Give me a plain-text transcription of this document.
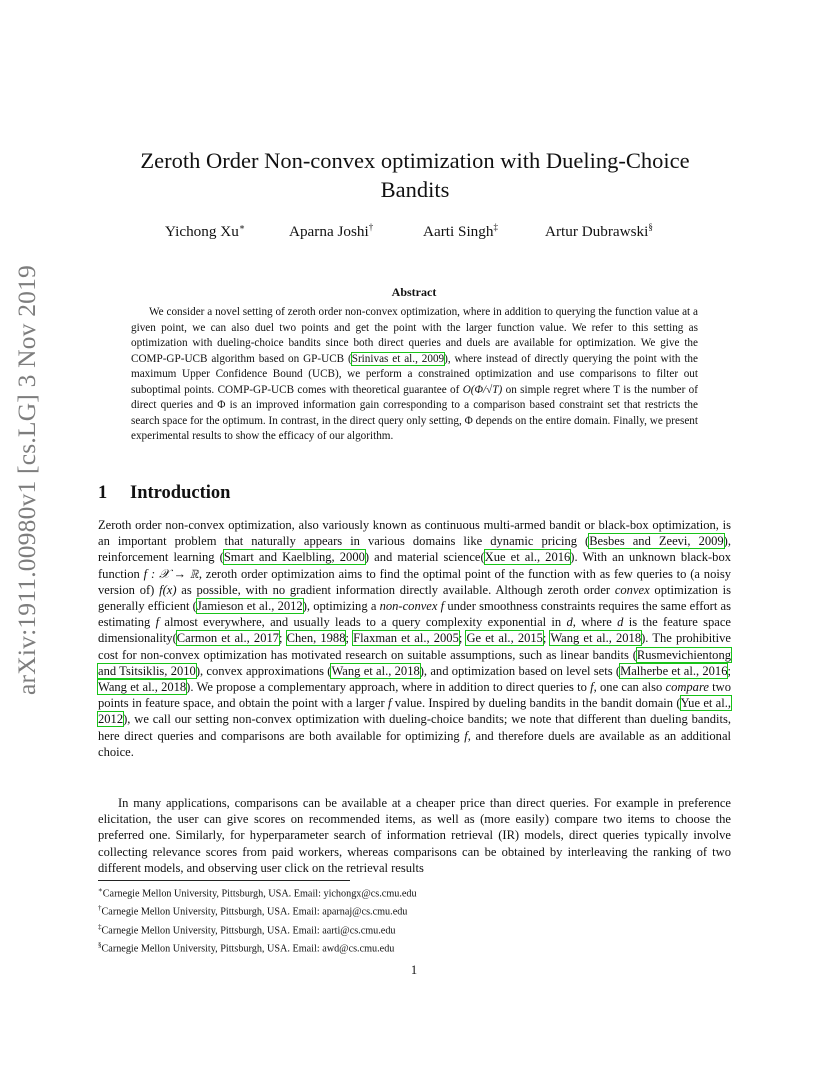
arXiv:1911.00980v1 [cs.LG] 3 Nov 2019
Zeroth Order Non-convex optimization with Dueling-Choice
Bandits
Yichong Xu∗	Aparna Joshi†	Aarti Singh‡	Artur Dubrawski§
Abstract

We consider a novel setting of zeroth order non-convex optimization, where in addition to querying the function value at a given point, we can also duel two points and get the point with the larger function value. We refer to this setting as optimization with dueling-choice bandits since both direct queries and duels are available for optimization. We give the COMP-GP-UCB algorithm based on GP-UCB (Srinivas et al., 2009), where instead of directly querying the point with the maximum Upper Confidence Bound (UCB), we perform a constrained optimization and use comparisons to filter out suboptimal points. COMP-GP-UCB comes with theoretical guarantee of O(Φ/√T) on simple regret where T is the number of direct queries and Φ is an improved information gain corresponding to a comparison based constraint set that restricts the search space for the optimum. In contrast, in the direct query only setting, Φ depends on the entire domain. Finally, we present experimental results to show the efficacy of our algorithm.

1 Introduction

Zeroth order non-convex optimization, also variously known as continuous multi-armed bandit or black-box optimization, is an important problem that naturally appears in various domains like dynamic pricing (Besbes and Zeevi, 2009), reinforcement learning (Smart and Kaelbling, 2000) and material science(Xue et al., 2016). With an unknown black-box function f : 𝒳 → ℝ, zeroth order optimization aims to find the optimal point of the function with as few queries to (a noisy version of) f(x) as possible, with no gradient information directly available. Although zeroth order convex optimization is generally efficient (Jamieson et al., 2012), optimizing a non-convex f under smoothness constraints requires the same effort as estimating f almost everywhere, and usually leads to a query complexity exponential in d, where d is the feature space dimensionality(Carmon et al., 2017; Chen, 1988; Flaxman et al., 2005; Ge et al., 2015; Wang et al., 2018). The prohibitive cost for non-convex optimization has motivated research on suitable assumptions, such as linear bandits (Rusmevichientong and Tsitsiklis, 2010), convex approximations (Wang et al., 2018), and optimization based on level sets (Malherbe et al., 2016; Wang et al., 2018). We propose a complementary approach, where in addition to direct queries to f, one can also compare two points in feature space, and obtain the point with a larger f value. Inspired by dueling bandits in the bandit domain (Yue et al., 2012), we call our setting non-convex optimization with dueling-choice bandits; we note that different than dueling bandits, here direct queries and comparisons are both available for optimizing f, and therefore duels are available as an additional choice.

In many applications, comparisons can be available at a cheaper price than direct queries. For example in preference elicitation, the user can give scores on recommended items, as well as (more easily) compare two items to choose the preferred one. Similarly, for hyperparameter search of information retrieval (IR) models, direct queries typically involve collecting relevance scores from paid workers, whereas comparisons can be obtained by interleaving the ranking of two different models, and observing user click on the retrieval results

∗Carnegie Mellon University, Pittsburgh, USA. Email: yichongx@cs.cmu.edu
†Carnegie Mellon University, Pittsburgh, USA. Email: aparnaj@cs.cmu.edu
‡Carnegie Mellon University, Pittsburgh, USA. Email: aarti@cs.cmu.edu
§Carnegie Mellon University, Pittsburgh, USA. Email: awd@cs.cmu.edu
1
